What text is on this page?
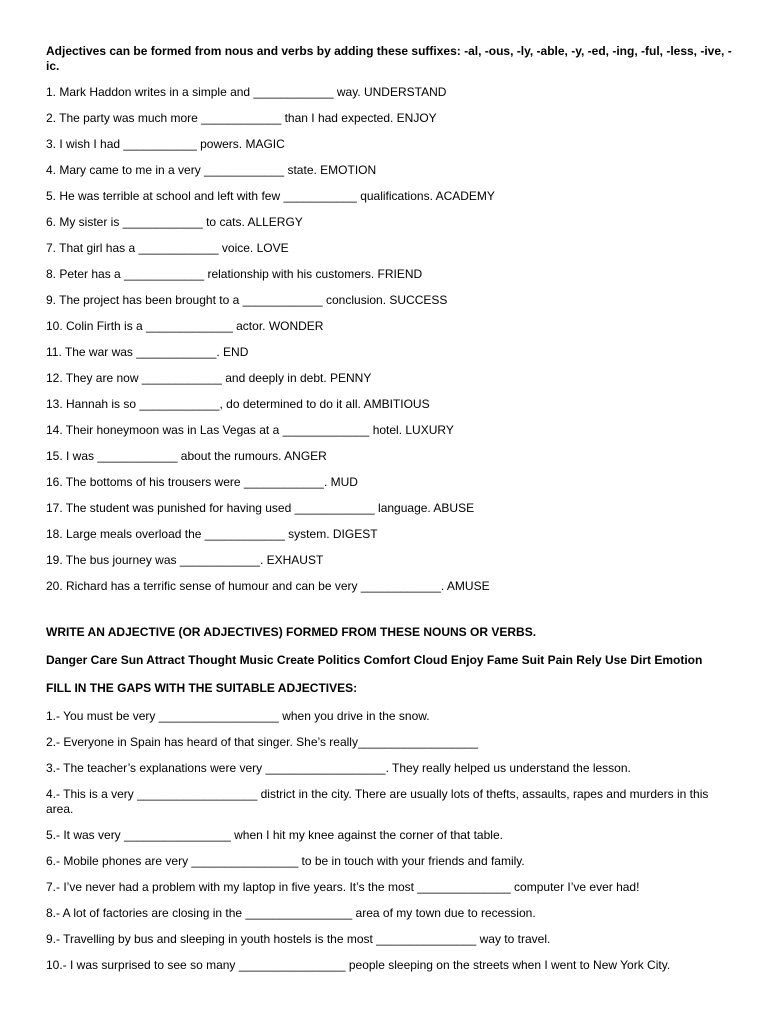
Adjectives can be formed from nous and verbs by adding these suffixes: -al, -ous, -ly, -able, -y, -ed, -ing, -ful, -less, -ive, -ic.

1. Mark Haddon writes in a simple and ____________ way. UNDERSTAND

2. The party was much more ____________ than I had expected. ENJOY

3. I wish I had ___________ powers. MAGIC

4. Mary came to me in a very ____________ state. EMOTION

5. He was terrible at school and left with few ___________ qualifications. ACADEMY

6. My sister is ____________ to cats. ALLERGY

7. That girl has a ____________ voice. LOVE

8. Peter has a ____________ relationship with his customers. FRIEND

9. The project has been brought to a ____________ conclusion. SUCCESS

10. Colin Firth is a _____________ actor. WONDER

11. The war was ____________. END

12. They are now ____________ and deeply in debt. PENNY

13. Hannah is so ____________, do determined to do it all. AMBITIOUS

14. Their honeymoon was in Las Vegas at a _____________ hotel. LUXURY

15. I was ____________ about the rumours. ANGER

16. The bottoms of his trousers were ____________. MUD

17. The student was punished for having used ____________ language. ABUSE

18. Large meals overload the ____________ system. DIGEST

19. The bus journey was ____________. EXHAUST

20. Richard has a terrific sense of humour and can be very ____________. AMUSE

WRITE AN ADJECTIVE (OR ADJECTIVES) FORMED FROM THESE NOUNS OR VERBS.

Danger Care Sun Attract Thought Music Create Politics Comfort Cloud Enjoy Fame Suit Pain Rely Use Dirt Emotion

FILL IN THE GAPS WITH THE SUITABLE ADJECTIVES:

1.- You must be very __________________ when you drive in the snow.

2.- Everyone in Spain has heard of that singer. She’s really__________________

3.- The teacher’s explanations were very __________________. They really helped us understand the lesson.

4.- This is a very __________________ district in the city. There are usually lots of thefts, assaults, rapes and murders in this area.

5.- It was very ________________ when I hit my knee against the corner of that table.

6.- Mobile phones are very ________________ to be in touch with your friends and family.

7.- I’ve never had a problem with my laptop in five years. It’s the most ______________ computer I’ve ever had!

8.- A lot of factories are closing in the ________________ area of my town due to recession.

9.- Travelling by bus and sleeping in youth hostels is the most _______________ way to travel.

10.- I was surprised to see so many ________________ people sleeping on the streets when I went to New York City.
